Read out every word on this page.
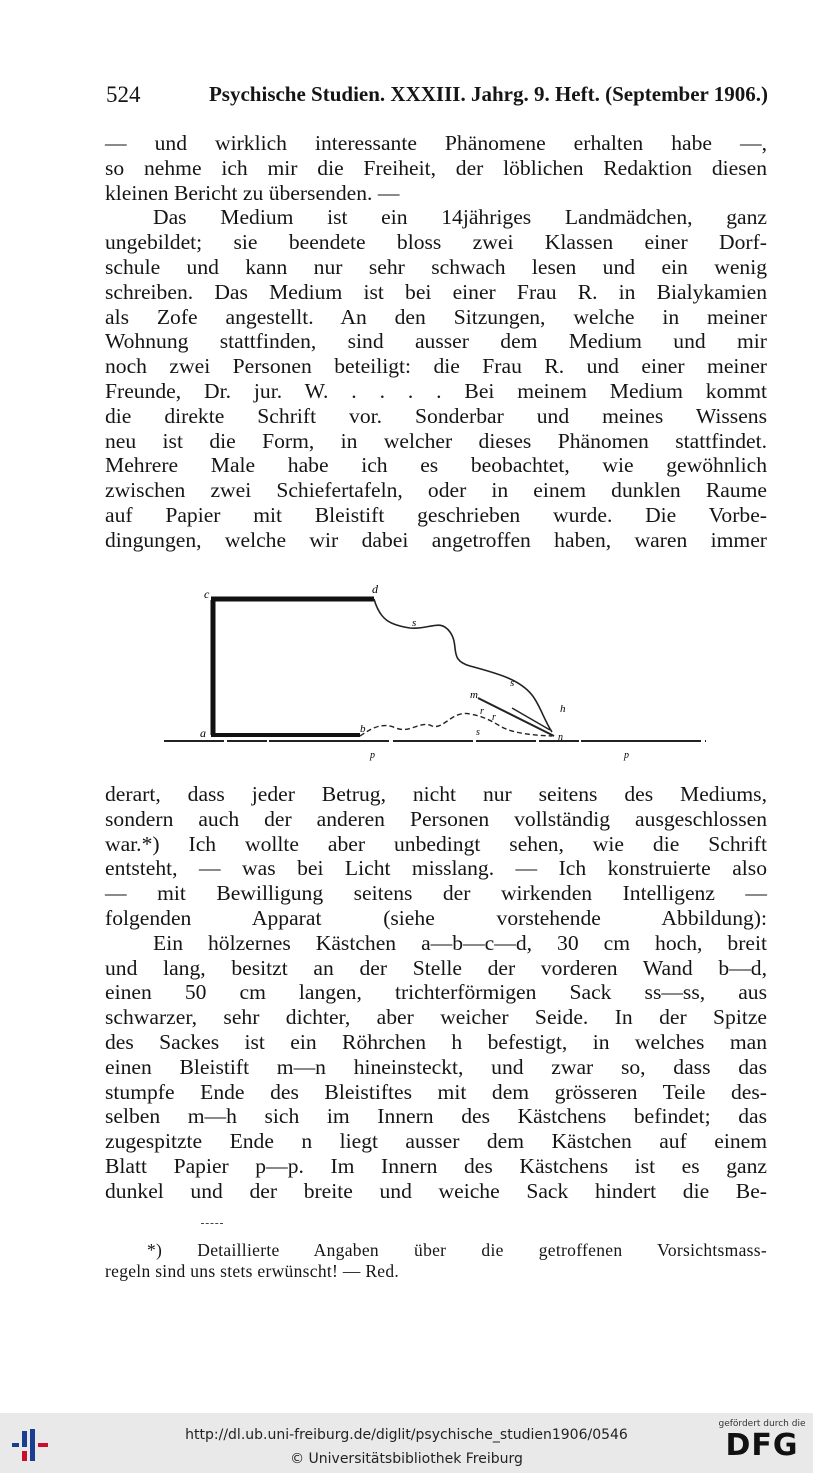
524	Psychische Studien. XXXIII. Jahrg. 9. Heft. (September 1906.)
— und wirklich interessante Phänomene erhalten habe —,
so nehme ich mir die Freiheit, der löblichen Redaktion diesen
kleinen Bericht zu übersenden. —
Das Medium ist ein 14jähriges Landmädchen, ganz
ungebildet; sie beendete bloss zwei Klassen einer Dorf-
schule und kann nur sehr schwach lesen und ein wenig
schreiben. Das Medium ist bei einer Frau R. in Bialykamien
als Zofe angestellt. An den Sitzungen, welche in meiner
Wohnung stattfinden, sind ausser dem Medium und mir
noch zwei Personen beteiligt: die Frau R. und einer meiner
Freunde, Dr. jur. W. . . . . Bei meinem Medium kommt
die direkte Schrift vor. Sonderbar und meines Wissens
neu ist die Form, in welcher dieses Phänomen stattfindet.
Mehrere Male habe ich es beobachtet, wie gewöhnlich
zwischen zwei Schiefertafeln, oder in einem dunklen Raume
auf Papier mit Bleistift geschrieben wurde. Die Vorbe-
dingungen, welche wir dabei angetroffen haben, waren immer
c	d
s
s
m
h
r
r
a	b	s	n
p	p
derart, dass jeder Betrug, nicht nur seitens des Mediums,
sondern auch der anderen Personen vollständig ausgeschlossen
war.*) Ich wollte aber unbedingt sehen, wie die Schrift
entsteht, — was bei Licht misslang. — Ich konstruierte also
— mit Bewilligung seitens der wirkenden Intelligenz —
folgenden Apparat (siehe vorstehende Abbildung):
Ein hölzernes Kästchen a—b—c—d, 30 cm hoch, breit
und lang, besitzt an der Stelle der vorderen Wand b—d,
einen 50 cm langen, trichterförmigen Sack ss—ss, aus
schwarzer, sehr dichter, aber weicher Seide. In der Spitze
des Sackes ist ein Röhrchen h befestigt, in welches man
einen Bleistift m—n hineinsteckt, und zwar so, dass das
stumpfe Ende des Bleistiftes mit dem grösseren Teile des-
selben m—h sich im Innern des Kästchens befindet; das
zugespitzte Ende n liegt ausser dem Kästchen auf einem
Blatt Papier p—p. Im Innern des Kästchens ist es ganz
dunkel und der breite und weiche Sack hindert die Be-
*) Detaillierte Angaben über die getroffenen Vorsichtsmass-
regeln sind uns stets erwünscht! — Red.
http://dl.ub.uni-freiburg.de/diglit/psychische_studien1906/0546
© Universitätsbibliothek Freiburg
gefördert durch die
DFG
